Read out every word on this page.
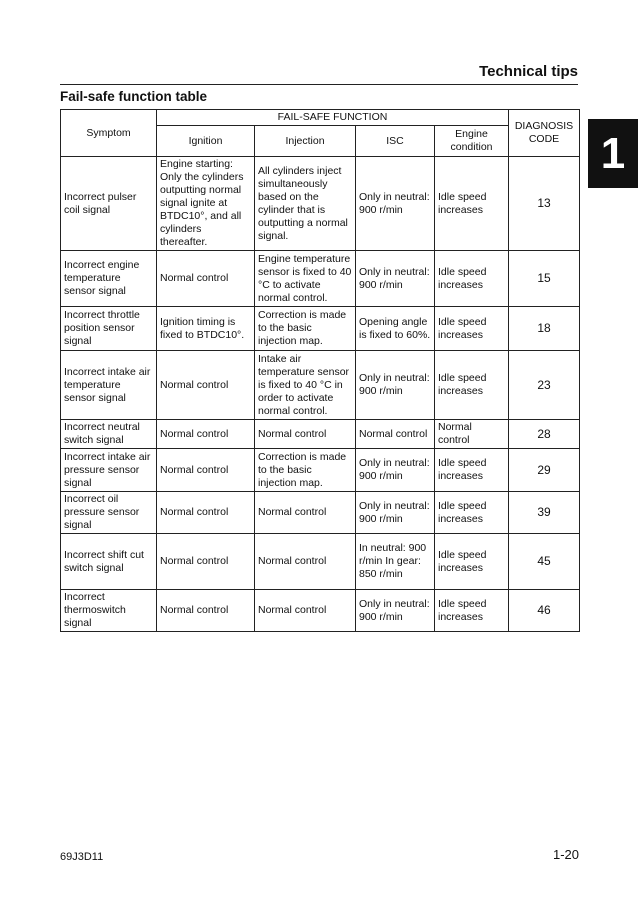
Technical tips
Fail-safe function table
1
Symptom	FAIL-SAFE FUNCTION				DIAGNOSIS CODE
	Ignition	Injection	ISC	Engine condition	
Incorrect pulser coil signal	Engine starting: Only the cylinders outputting normal signal ignite at BTDC10°, and all cylinders thereafter.	All cylinders inject simultaneously based on the cylinder that is outputting a normal signal.	Only in neutral: 900 r/min	Idle speed increases	13
Incorrect engine temperature sensor signal	Normal control	Engine temperature sensor is fixed to 40 °C to activate normal control.	Only in neutral: 900 r/min	Idle speed increases	15
Incorrect throttle position sensor signal	Ignition timing is fixed to BTDC10°.	Correction is made to the basic injection map.	Opening angle is fixed to 60%.	Idle speed increases	18
Incorrect intake air temperature sensor signal	Normal control	Intake air temperature sensor is fixed to 40 °C in order to activate normal control.	Only in neutral: 900 r/min	Idle speed increases	23
Incorrect neutral switch signal	Normal control	Normal control	Normal control	Normal control	28
Incorrect intake air pressure sensor signal	Normal control	Correction is made to the basic injection map.	Only in neutral: 900 r/min	Idle speed increases	29
Incorrect oil pressure sensor signal	Normal control	Normal control	Only in neutral: 900 r/min	Idle speed increases	39
Incorrect shift cut switch signal	Normal control	Normal control	In neutral: 900 r/min In gear: 850 r/min	Idle speed increases	45
Incorrect thermoswitch signal	Normal control	Normal control	Only in neutral: 900 r/min	Idle speed increases	46
69J3D11	1-20
